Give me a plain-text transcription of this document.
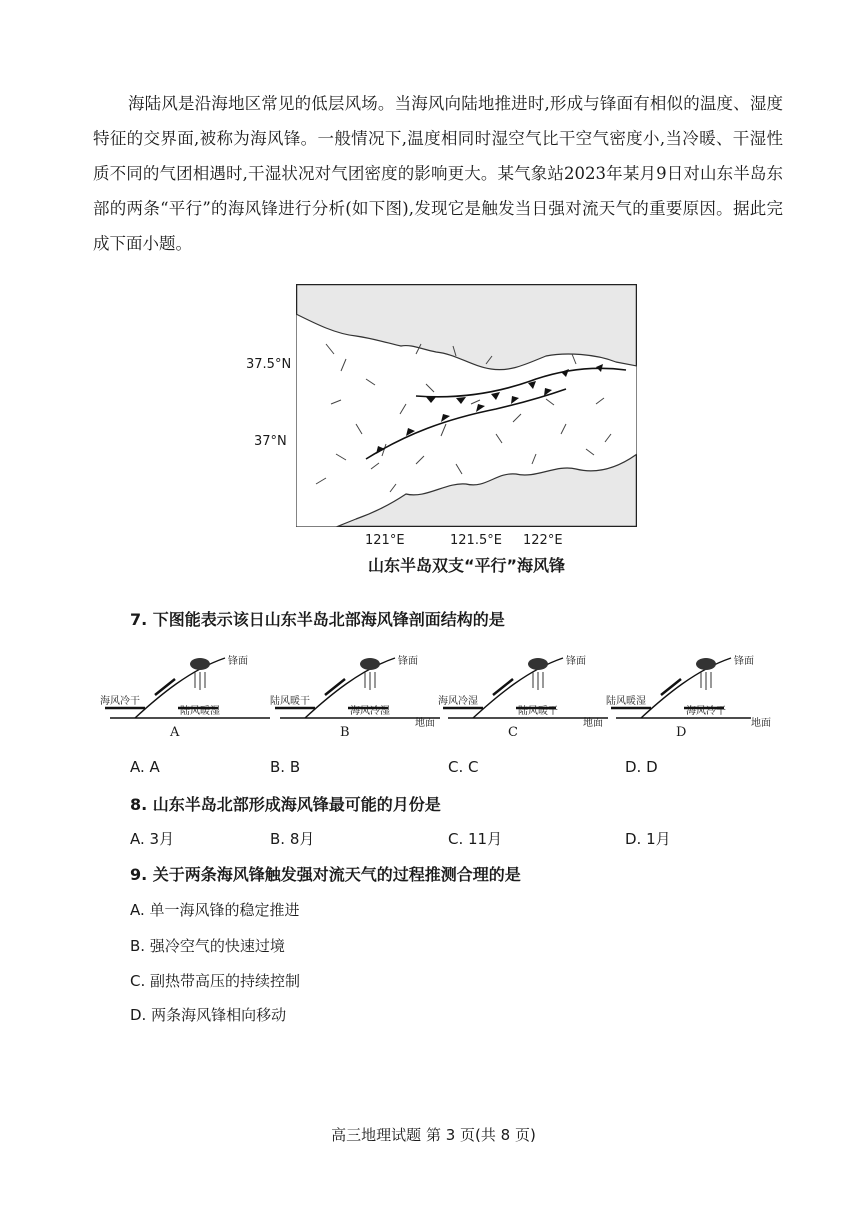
海陆风是沿海地区常见的低层风场。当海风向陆地推进时,形成与锋面有相似的温度、湿度特征的交界面,被称为海风锋。一般情况下,温度相同时湿空气比干空气密度小,当冷暖、干湿性质不同的气团相遇时,干湿状况对气团密度的影响更大。某气象站2023年某月9日对山东半岛东部的两条“平行”的海风锋进行分析(如下图),发现它是触发当日强对流天气的重要原因。据此完成下面小题。

37.5°N
37°N
121°E	121.5°E 122°E
山东半岛双支“平行”海风锋
7. 下图能表示该日山东半岛北部海风锋剖面结构的是
锋面
海风冷干
陆风暖湿
A
锋面
陆风暖干
海风冷湿
地面
B
锋面
海风冷湿
陆风暖干
地面
C
锋面
陆风暖湿
海风冷干
地面
D
A. A	B. B	C. C	D. D
8. 山东半岛北部形成海风锋最可能的月份是
A. 3月	B. 8月	C. 11月	D. 1月
9. 关于两条海风锋触发强对流天气的过程推测合理的是
A. 单一海风锋的稳定推进
B. 强冷空气的快速过境
C. 副热带高压的持续控制
D. 两条海风锋相向移动
高三地理试题 第 3 页(共 8 页)
